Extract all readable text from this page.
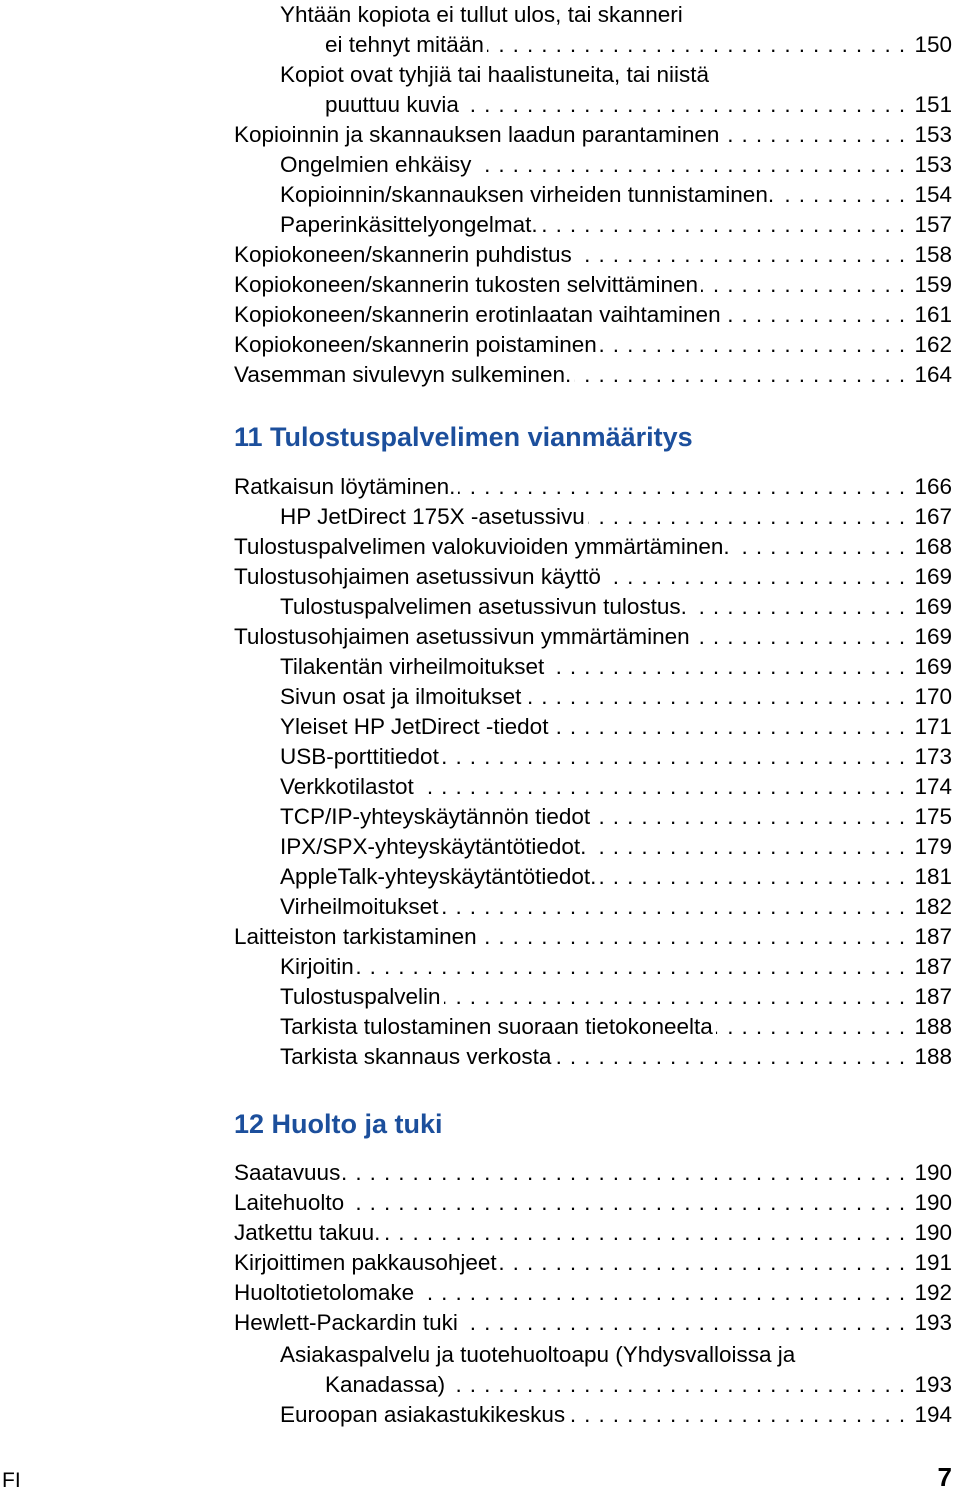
Yhtään kopiota ei tullut ulos, tai skanneri
ei tehnyt mitään . . .	150
Kopiot ovat tyhjiä tai haalistuneita, tai niistä
puuttuu kuvia . . .	151
Kopioinnin ja skannauksen laadun parantaminen . . .	153
Ongelmien ehkäisy . . .	153
Kopioinnin/skannauksen virheiden tunnistaminen. . . .	154
Paperinkäsittelyongelmat. . . .	157
Kopiokoneen/skannerin puhdistus . . .	158
Kopiokoneen/skannerin tukosten selvittäminen . . .	159
Kopiokoneen/skannerin erotinlaatan vaihtaminen . . .	161
Kopiokoneen/skannerin poistaminen . . .	162
Vasemman sivulevyn sulkeminen. . . .	164
11 Tulostuspalvelimen vianmääritys
Ratkaisun löytäminen. . . .	166
HP JetDirect 175X -asetussivu . . .	167
Tulostuspalvelimen valokuvioiden ymmärtäminen. . . .	168
Tulostusohjaimen asetussivun käyttö . . .	169
Tulostuspalvelimen asetussivun tulostus. . . .	169
Tulostusohjaimen asetussivun ymmärtäminen . . .	169
Tilakentän virheilmoitukset . . .	169
Sivun osat ja ilmoitukset . . .	170
Yleiset HP JetDirect -tiedot . . .	171
USB-porttitiedot . . .	173
Verkkotilastot . . .	174
TCP/IP-yhteyskäytännön tiedot . . .	175
IPX/SPX-yhteyskäytäntötiedot. . . .	179
AppleTalk-yhteyskäytäntötiedot. . . .	181
Virheilmoitukset . . .	182
Laitteiston tarkistaminen . . .	187
Kirjoitin . . .	187
Tulostuspalvelin . . .	187
Tarkista tulostaminen suoraan tietokoneelta . . .	188
Tarkista skannaus verkosta . . .	188
12 Huolto ja tuki
Saatavuus . . .	190
Laitehuolto . . .	190
Jatkettu takuu. . . .	190
Kirjoittimen pakkausohjeet . . .	191
Huoltotietolomake . . .	192
Hewlett-Packardin tuki . . .	193
Asiakaspalvelu ja tuotehuoltoapu (Yhdysvalloissa ja
Kanadassa) . . .	193
Euroopan asiakastukikeskus . . .	194
FI	7
